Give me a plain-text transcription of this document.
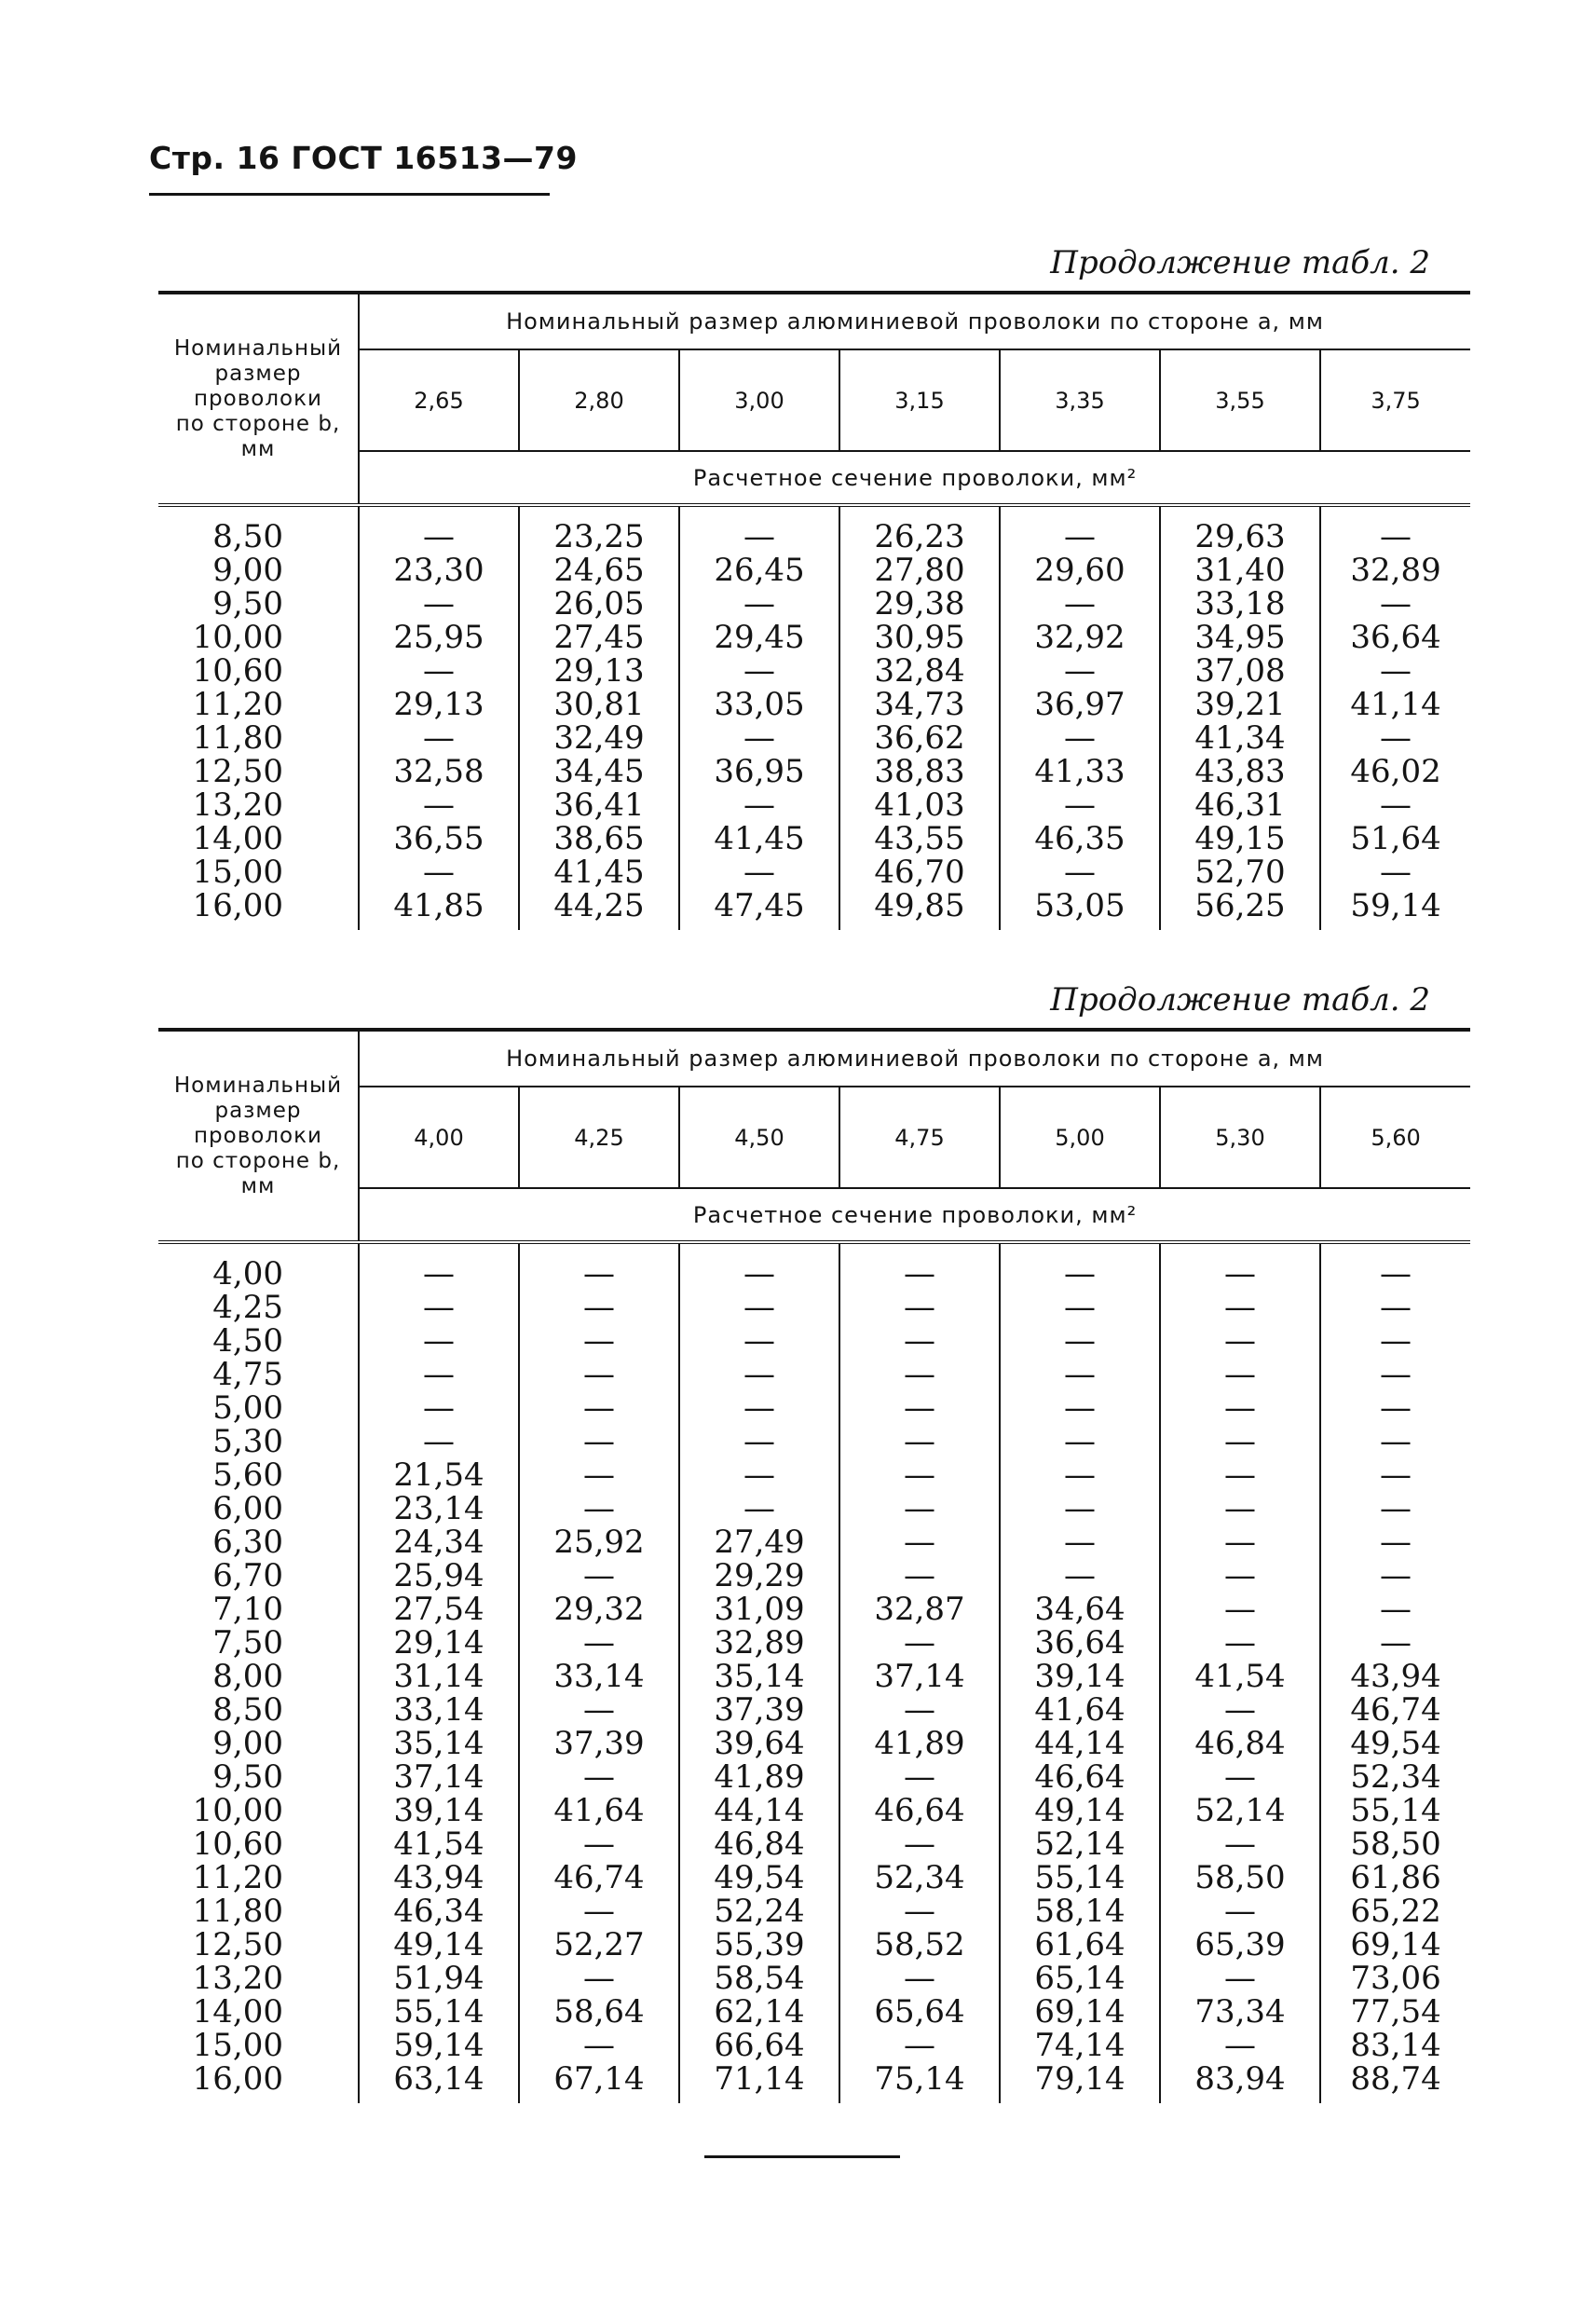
Стр. 16 ГОСТ 16513—79
Продолжение табл. 2
Номинальный
размер
проволоки
по стороне b,
мм	Номинальный размер алюминиевой проволоки по стороне a, мм						
	2,65	2,80	3,00	3,15	3,35	3,55	3,75
	Расчетное сечение проволоки, мм²						
8,50	—	23,25	—	26,23	—	29,63	—
9,00	23,30	24,65	26,45	27,80	29,60	31,40	32,89
9,50	—	26,05	—	29,38	—	33,18	—
10,00	25,95	27,45	29,45	30,95	32,92	34,95	36,64
10,60	—	29,13	—	32,84	—	37,08	—
11,20	29,13	30,81	33,05	34,73	36,97	39,21	41,14
11,80	—	32,49	—	36,62	—	41,34	—
12,50	32,58	34,45	36,95	38,83	41,33	43,83	46,02
13,20	—	36,41	—	41,03	—	46,31	—
14,00	36,55	38,65	41,45	43,55	46,35	49,15	51,64
15,00	—	41,45	—	46,70	—	52,70	—
16,00	41,85	44,25	47,45	49,85	53,05	56,25	59,14
Продолжение табл. 2
Номинальный
размер
проволоки
по стороне b,
мм	Номинальный размер алюминиевой проволоки по стороне a, мм						
	4,00	4,25	4,50	4,75	5,00	5,30	5,60
	Расчетное сечение проволоки, мм²						
4,00	—	—	—	—	—	—	—
4,25	—	—	—	—	—	—	—
4,50	—	—	—	—	—	—	—
4,75	—	—	—	—	—	—	—
5,00	—	—	—	—	—	—	—
5,30	—	—	—	—	—	—	—
5,60	21,54	—	—	—	—	—	—
6,00	23,14	—	—	—	—	—	—
6,30	24,34	25,92	27,49	—	—	—	—
6,70	25,94	—	29,29	—	—	—	—
7,10	27,54	29,32	31,09	32,87	34,64	—	—
7,50	29,14	—	32,89	—	36,64	—	—
8,00	31,14	33,14	35,14	37,14	39,14	41,54	43,94
8,50	33,14	—	37,39	—	41,64	—	46,74
9,00	35,14	37,39	39,64	41,89	44,14	46,84	49,54
9,50	37,14	—	41,89	—	46,64	—	52,34
10,00	39,14	41,64	44,14	46,64	49,14	52,14	55,14
10,60	41,54	—	46,84	—	52,14	—	58,50
11,20	43,94	46,74	49,54	52,34	55,14	58,50	61,86
11,80	46,34	—	52,24	—	58,14	—	65,22
12,50	49,14	52,27	55,39	58,52	61,64	65,39	69,14
13,20	51,94	—	58,54	—	65,14	—	73,06
14,00	55,14	58,64	62,14	65,64	69,14	73,34	77,54
15,00	59,14	—	66,64	—	74,14	—	83,14
16,00	63,14	67,14	71,14	75,14	79,14	83,94	88,74
